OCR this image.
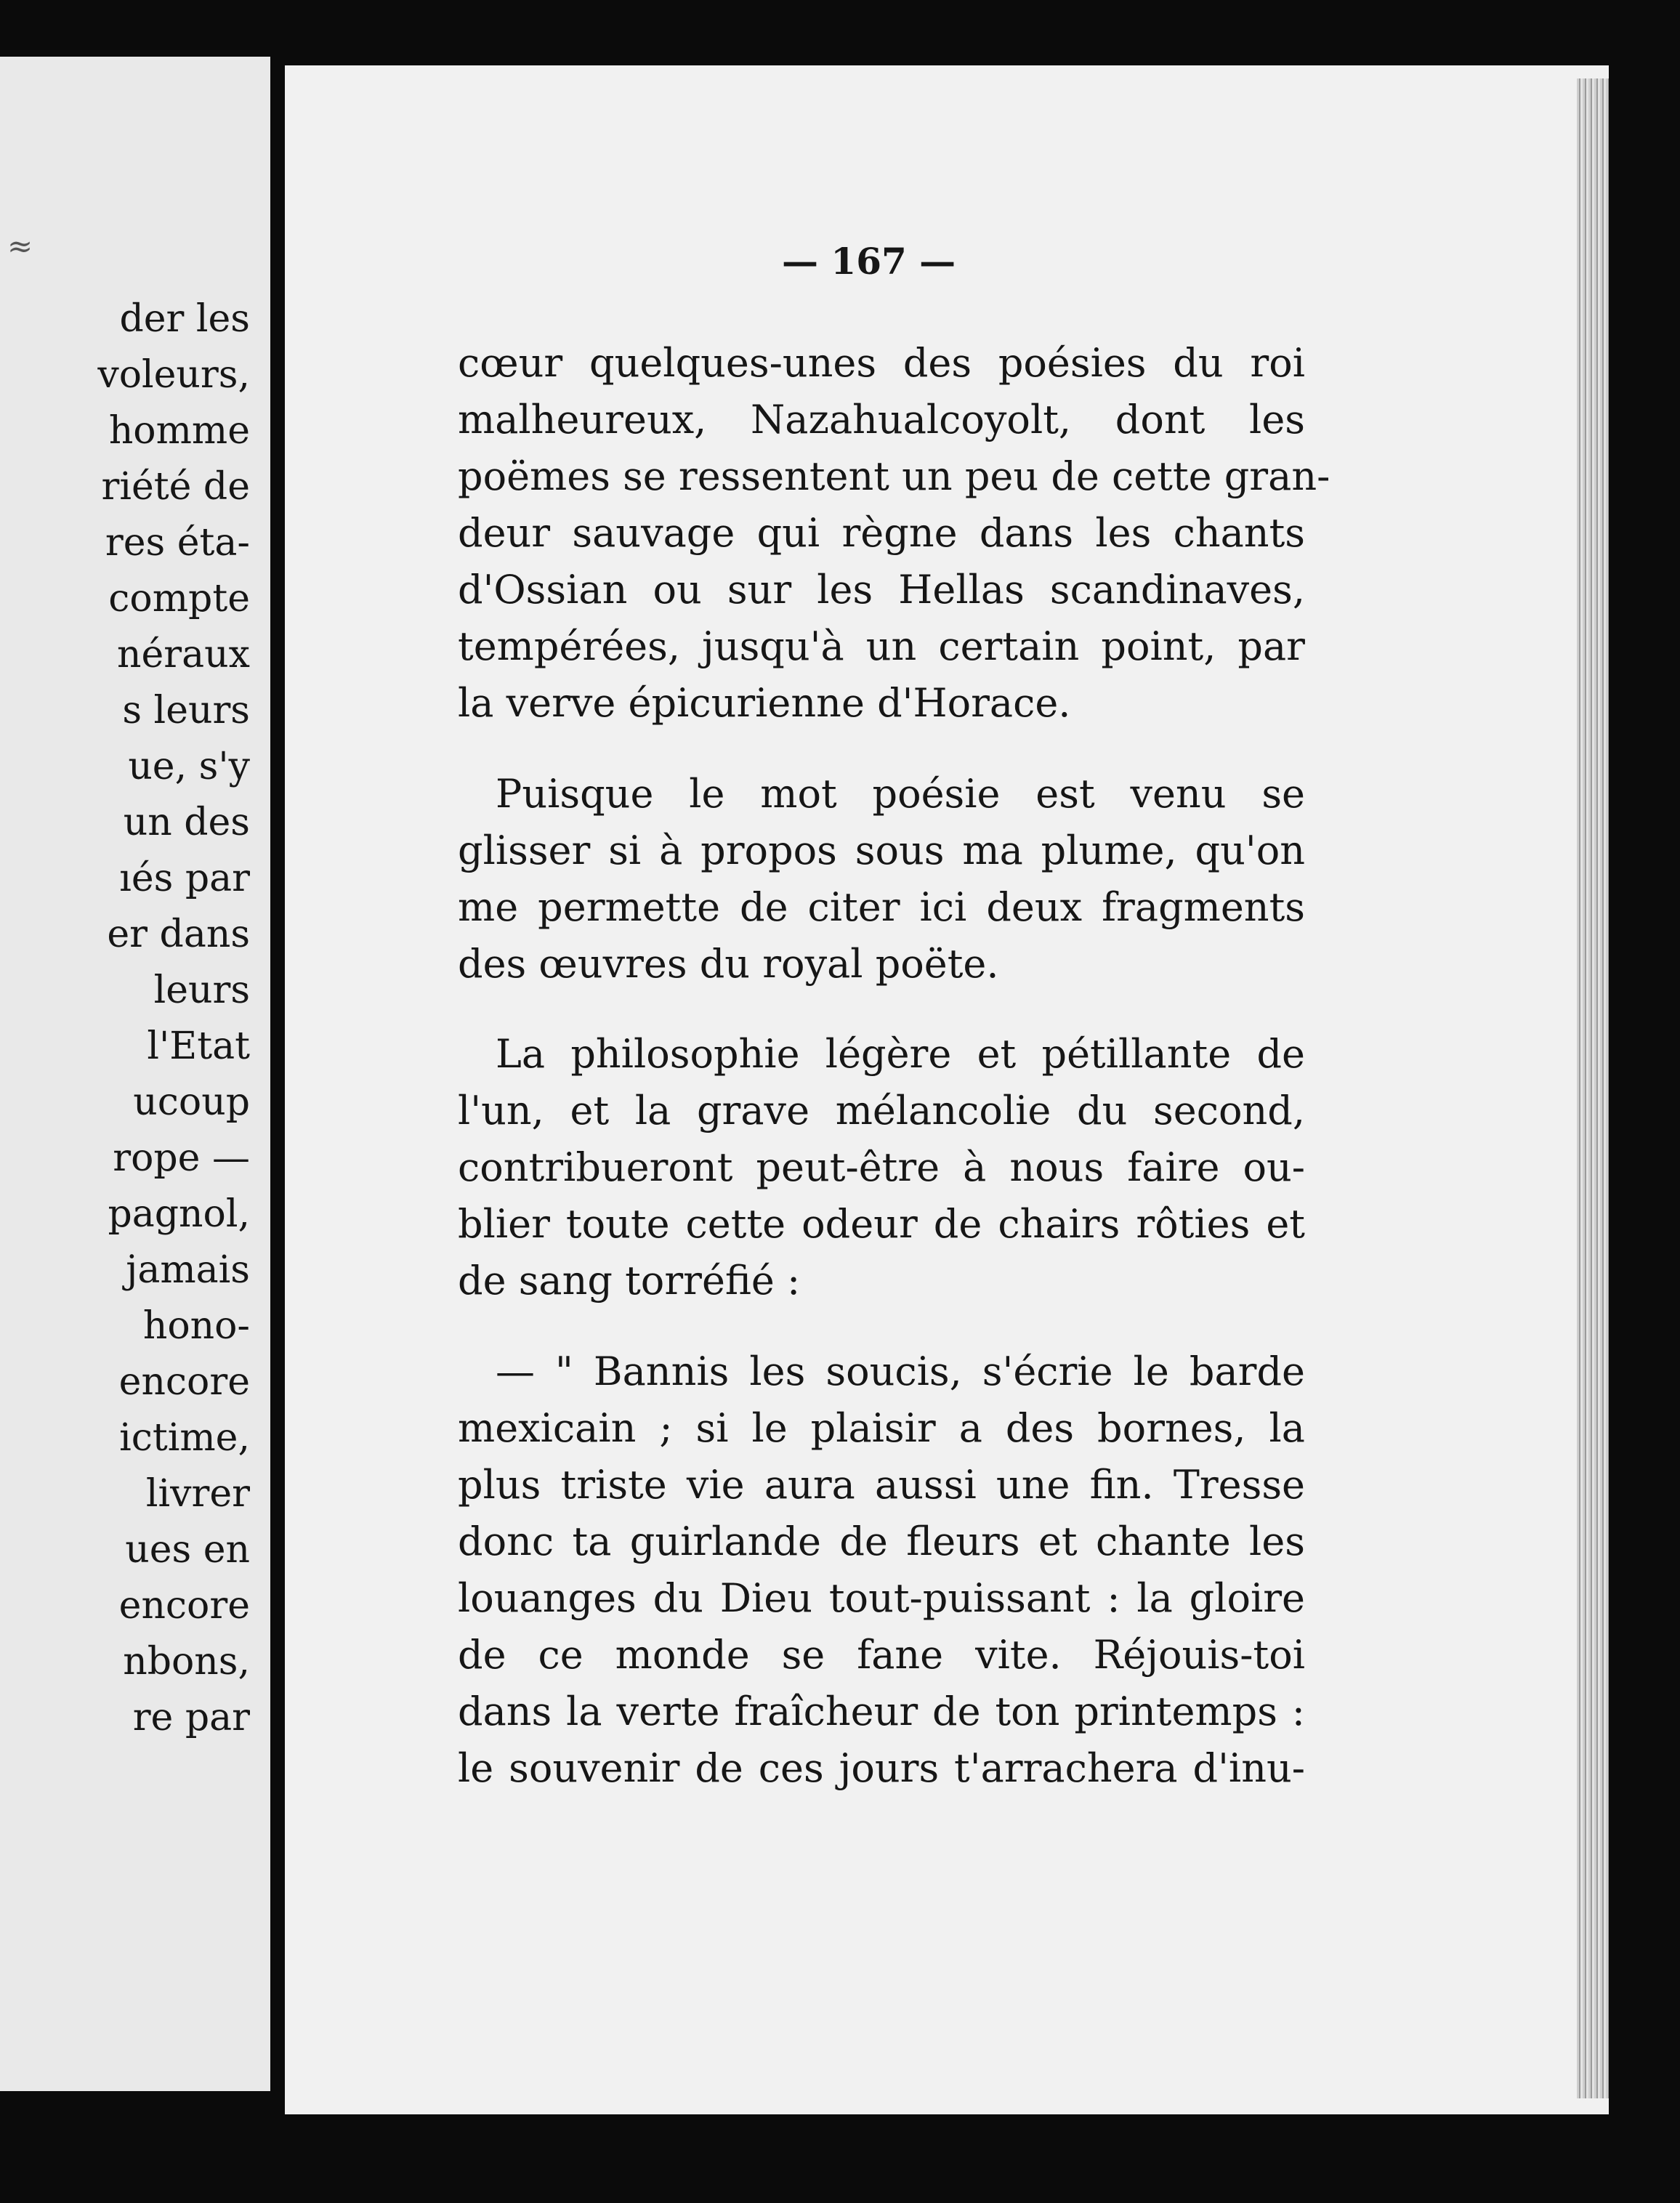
≈
der les
voleurs,
homme
riété de
res éta-
compte
néraux
s leurs
ue, s'y
un des
ıés par
er dans
leurs
l'Etat
ucoup
rope —
pagnol,
jamais
hono-
encore
ictime,
livrer
ues en
encore
nbons,
re par
— 167 —
cœur quelques-unes des poésies du roi
malheureux, Nazahualcoyolt, dont les
poëmes se ressentent un peu de cette gran-
deur sauvage qui règne dans les chants
d'Ossian ou sur les Hellas scandinaves,
tempérées, jusqu'à un certain point, par
la verve épicurienne d'Horace.
Puisque le mot poésie est venu se
glisser si à propos sous ma plume, qu'on
me permette de citer ici deux fragments
des œuvres du royal poëte.
La philosophie légère et pétillante de
l'un, et la grave mélancolie du second,
contribueront peut-être à nous faire ou-
blier toute cette odeur de chairs rôties et
de sang torréfié :
— " Bannis les soucis, s'écrie le barde
mexicain ; si le plaisir a des bornes, la
plus triste vie aura aussi une fin. Tresse
donc ta guirlande de fleurs et chante les
louanges du Dieu tout-puissant : la gloire
de ce monde se fane vite. Réjouis-toi
dans la verte fraîcheur de ton printemps :
le souvenir de ces jours t'arrachera d'inu-
